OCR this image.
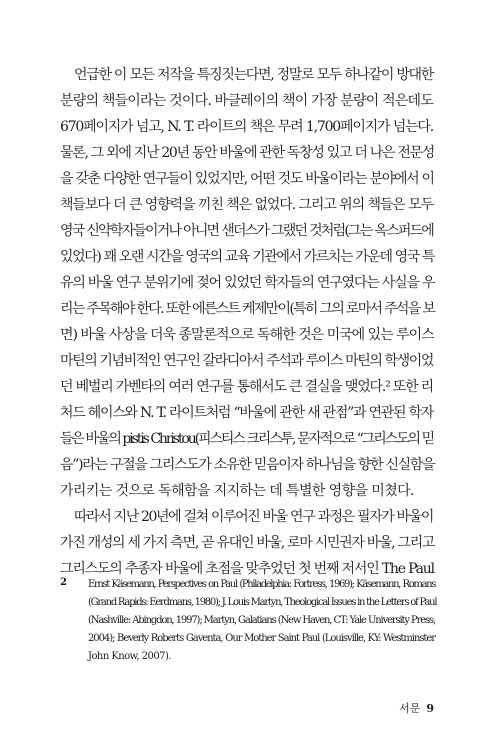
언급한 이 모든 저작을 특징짓는다면, 정말로 모두 하나같이 방대한
분량의 책들이라는 것이다. 바클레이의 책이 가장 분량이 적은데도
670페이지가 넘고, N. T. 라이트의 책은 무려 1,700페이지가 넘는다.
물론, 그 외에 지난 20년 동안 바울에 관한 독창성 있고 더 나은 전문성
을 갖춘 다양한 연구들이 있었지만, 어떤 것도 바울이라는 분야에서 이
책들보다 더 큰 영향력을 끼친 책은 없었다. 그리고 위의 책들은 모두
영국 신약학자들이거나 아니면 샌더스가 그랬던 것처럼(그는 옥스퍼드에
있었다) 꽤 오랜 시간을 영국의 교육 기관에서 가르치는 가운데 영국 특
유의 바울 연구 분위기에 젖어 있었던 학자들의 연구였다는 사실을 우
리는 주목해야 한다. 또한 에른스트 케제만이(특히 그의 로마서 주석을 보
면) 바울 사상을 더욱 종말론적으로 독해한 것은 미국에 있는 루이스
마틴의 기념비적인 연구인 갈라디아서 주석과 루이스 마틴의 학생이었
던 베벌리 가벤타의 여러 연구를 통해서도 큰 결실을 맺었다.² 또한 리
처드 헤이스와 N. T. 라이트처럼 “바울에 관한 새 관점”과 연관된 학자
들은 바울의 pistis Christou(피스티스 크리스투, 문자적으로 “그리스도의 믿
음”)라는 구절을 그리스도가 소유한 믿음이자 하나님을 향한 신실함을
가리키는 것으로 독해함을 지지하는 데 특별한 영향을 미쳤다.
따라서 지난 20년에 걸쳐 이루어진 바울 연구 과정은 필자가 바울이
가진 개성의 세 가지 측면, 곧 유대인 바울, 로마 시민권자 바울, 그리고
그리스도의 추종자 바울에 초점을 맞추었던 첫 번째 저서인 The Paul
2 Ernst Käsemann, Perspectives on Paul (Philadelphia: Fortress, 1969); Käsemann, Romans
(Grand Rapids: Eerdmans, 1980); J. Louis Martyn, Theological Issues in the Letters of Paul
(Nashville: Abingdon, 1997); Martyn, Galatians (New Haven, CT: Yale University Press,
2004); Beverly Roberts Gaventa, Our Mother Saint Paul (Louisville, KY: Westminster
John Know, 2007).
서문 9
